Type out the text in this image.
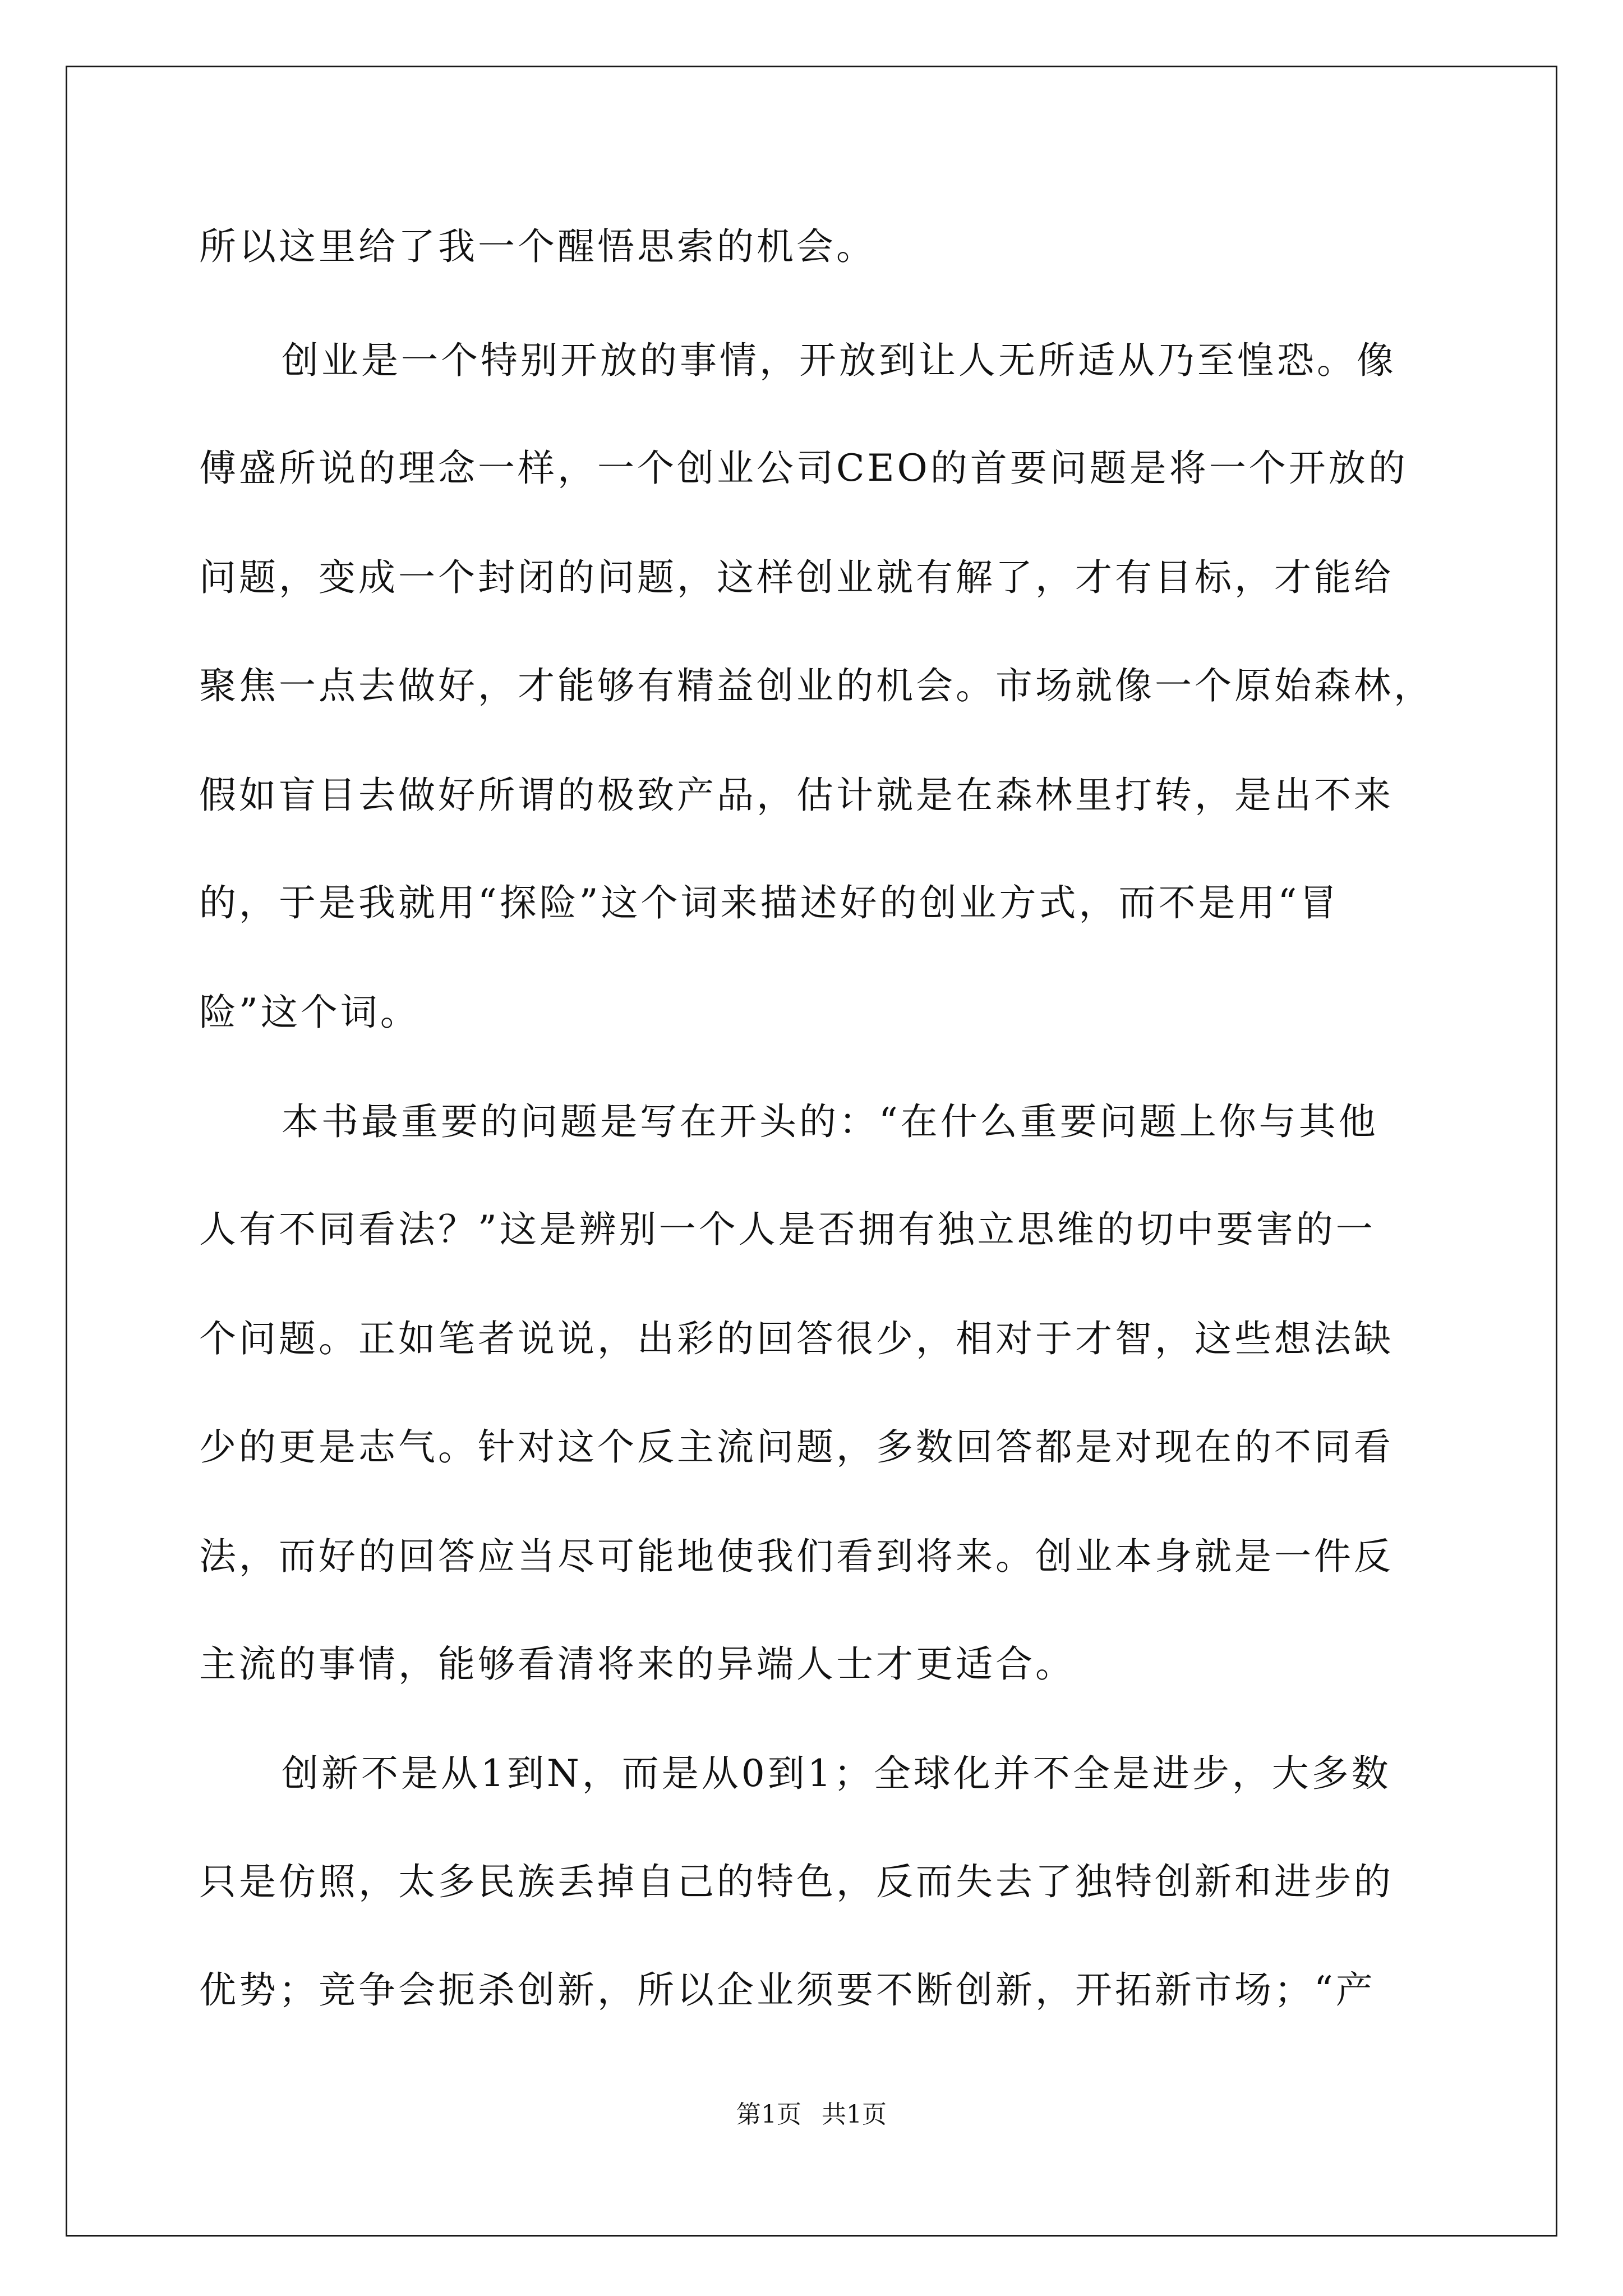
所以这里给了我一个醒悟思索的机会。
创业是一个特别开放的事情，开放到让人无所适从乃至惶恐。像
傅盛所说的理念一样，一个创业公司CEO的首要问题是将一个开放的
问题，变成一个封闭的问题，这样创业就有解了，才有目标，才能给
聚焦一点去做好，才能够有精益创业的机会。市场就像一个原始森林，
假如盲目去做好所谓的极致产品，估计就是在森林里打转，是出不来
的，于是我就用“探险”这个词来描述好的创业方式，而不是用“冒
险”这个词。
本书最重要的问题是写在开头的：“在什么重要问题上你与其他
人有不同看法？”这是辨别一个人是否拥有独立思维的切中要害的一
个问题。正如笔者说说，出彩的回答很少，相对于才智，这些想法缺
少的更是志气。针对这个反主流问题，多数回答都是对现在的不同看
法，而好的回答应当尽可能地使我们看到将来。创业本身就是一件反
主流的事情，能够看清将来的异端人士才更适合。
创新不是从1到N，而是从0到1；全球化并不全是进步，大多数
只是仿照，太多民族丢掉自己的特色，反而失去了独特创新和进步的
优势；竞争会扼杀创新，所以企业须要不断创新，开拓新市场；“产
第1页 共1页
